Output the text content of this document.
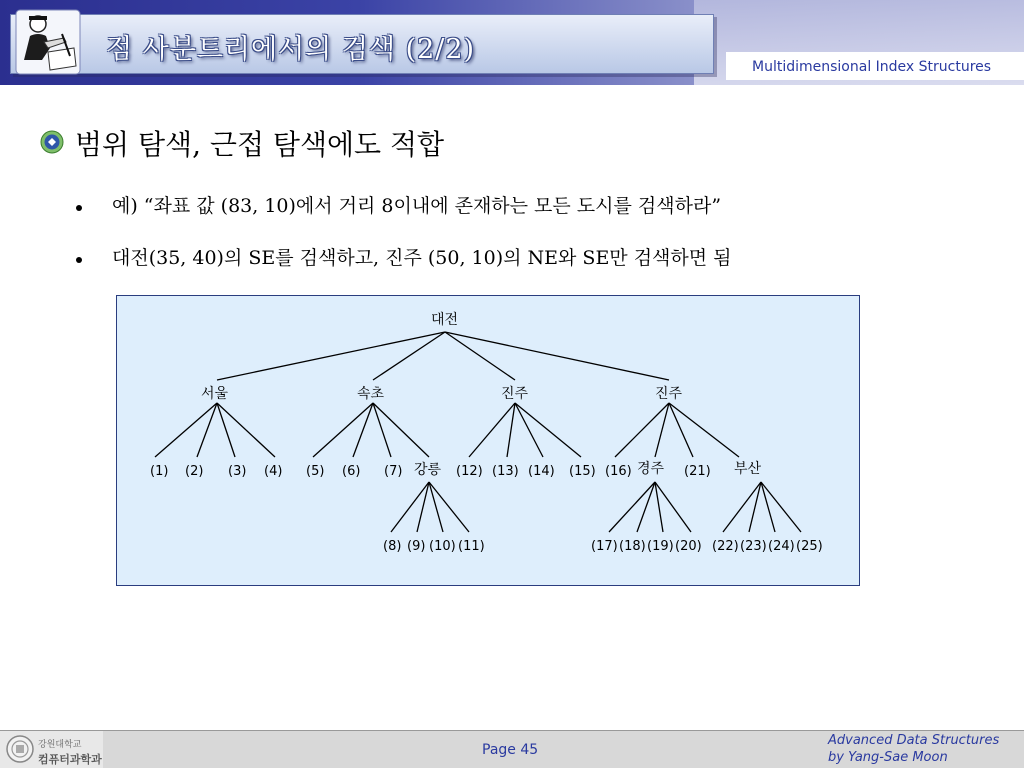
점 사분트리에서의 검색 (2/2)
Multidimensional Index Structures
범위 탐색, 근접 탐색에도 적합
예) “좌표 값 (83, 10)에서 거리 8이내에 존재하는 모든 도시를 검색하라”
대전(35, 40)의 SE를 검색하고, 진주 (50, 10)의 NE와 SE만 검색하면 됨
대전
서울	속초	진주	진주
(1) (2) (3) (4) (5) (6) (7) 강릉 (12) (13) (14) (15) (16) 경주 (21) 부산
(8) (9) (10) (11)	(17) (18) (19) (20) (22) (23) (24) (25)
강원대학교
컴퓨터과학과
Page 45
Advanced Data Structures
by Yang-Sae Moon
